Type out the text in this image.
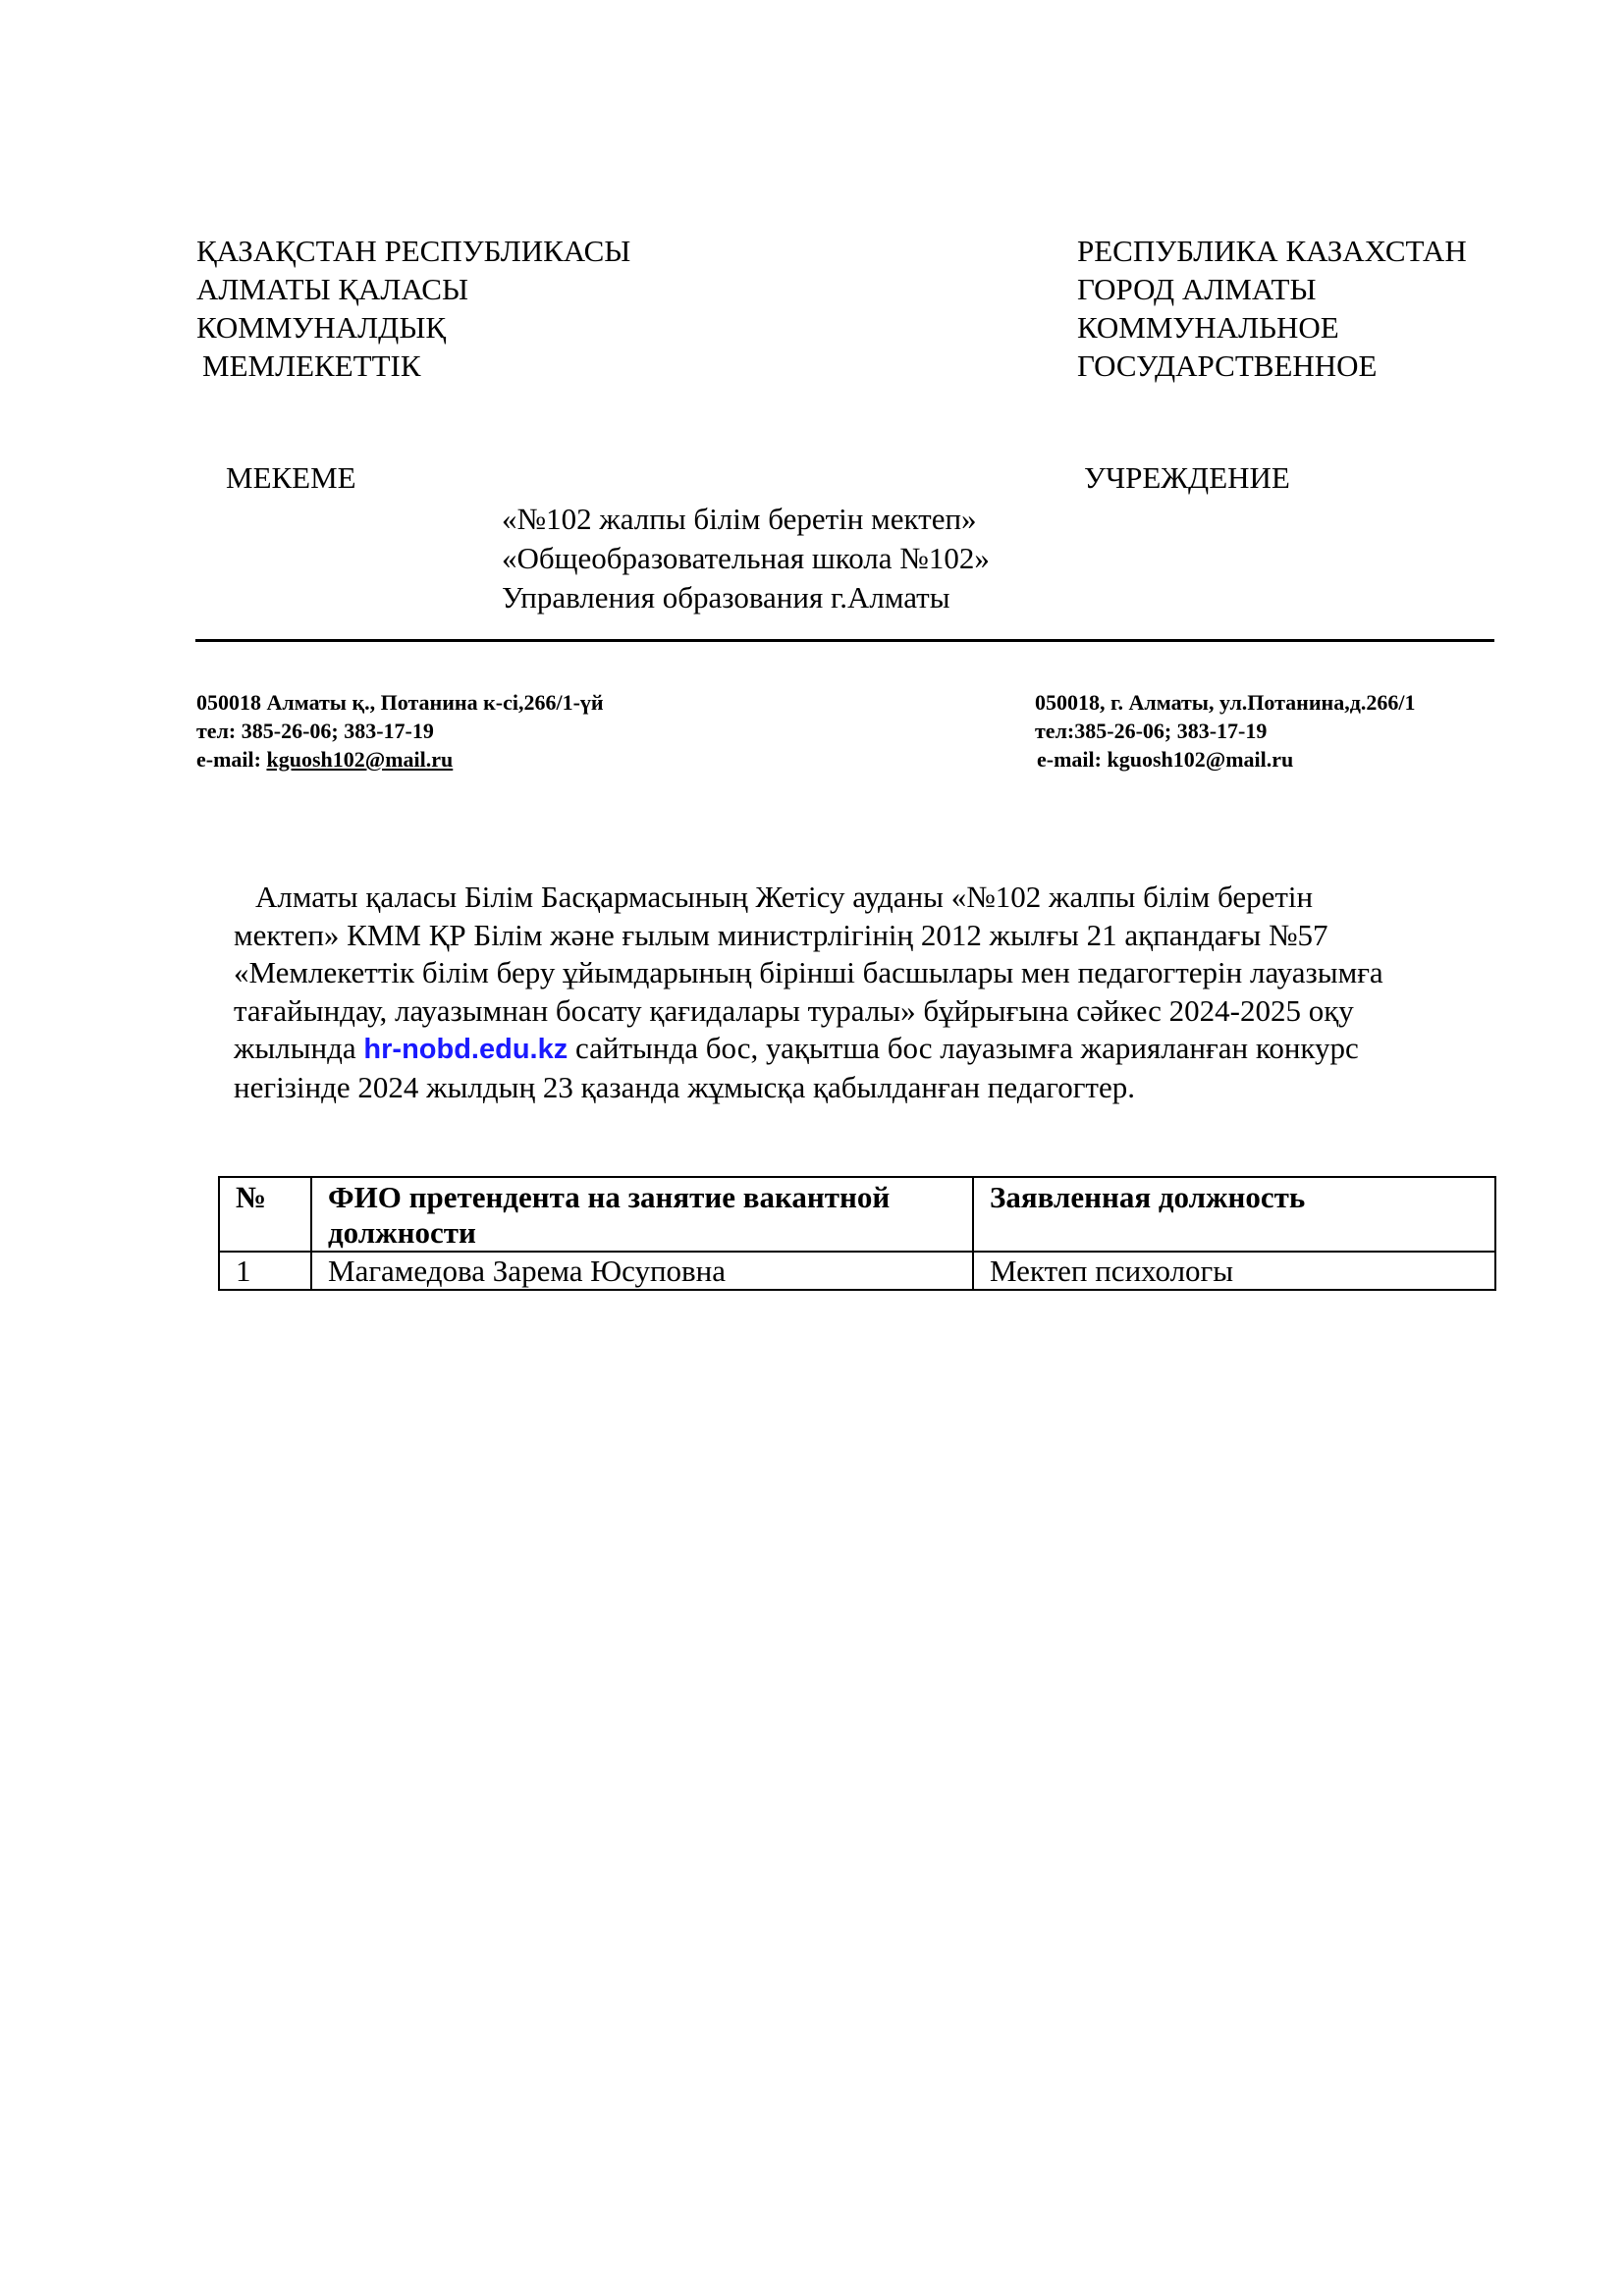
ҚАЗАҚСТАН РЕСПУБЛИКАСЫ
АЛМАТЫ ҚАЛАСЫ
КОММУНАЛДЫҚ
МЕМЛЕКЕТТІК
РЕСПУБЛИКА КАЗАХСТАН
ГОРОД АЛМАТЫ
КОММУНАЛЬНОЕ
ГОСУДАРСТВЕННОЕ
МЕКЕМЕ	УЧРЕЖДЕНИЕ
«№102 жалпы білім беретін мектеп»
«Общеобразовательная школа №102»
Управления образования г.Алматы
050018 Алматы қ., Потанина к-сі,266/1-үй
тел: 385-26-06; 383-17-19
e-mail: kguosh102@mail.ru
050018, г. Алматы, ул.Потанина,д.266/1
тел:385-26-06; 383-17-19
e-mail: kguosh102@mail.ru
Алматы қаласы Білім Басқармасының Жетісу ауданы «№102 жалпы білім беретін
мектеп» КММ ҚР Білім және ғылым министрлігінің 2012 жылғы 21 ақпандағы №57
«Мемлекеттік білім беру ұйымдарының бірінші басшылары мен педагогтерін лауазымға
тағайындау, лауазымнан босату қағидалары туралы» бұйрығына сәйкес 2024-2025 оқу
жылында hr-nobd.edu.kz сайтында бос, уақытша бос лауазымға жарияланған конкурс
негізінде 2024 жылдың 23 қазанда жұмысқа қабылданған педагогтер.
№	ФИО претендента на занятие вакантной должности	Заявленная должность
1	Магамедова Зарема Юсуповна	Мектеп психологы
